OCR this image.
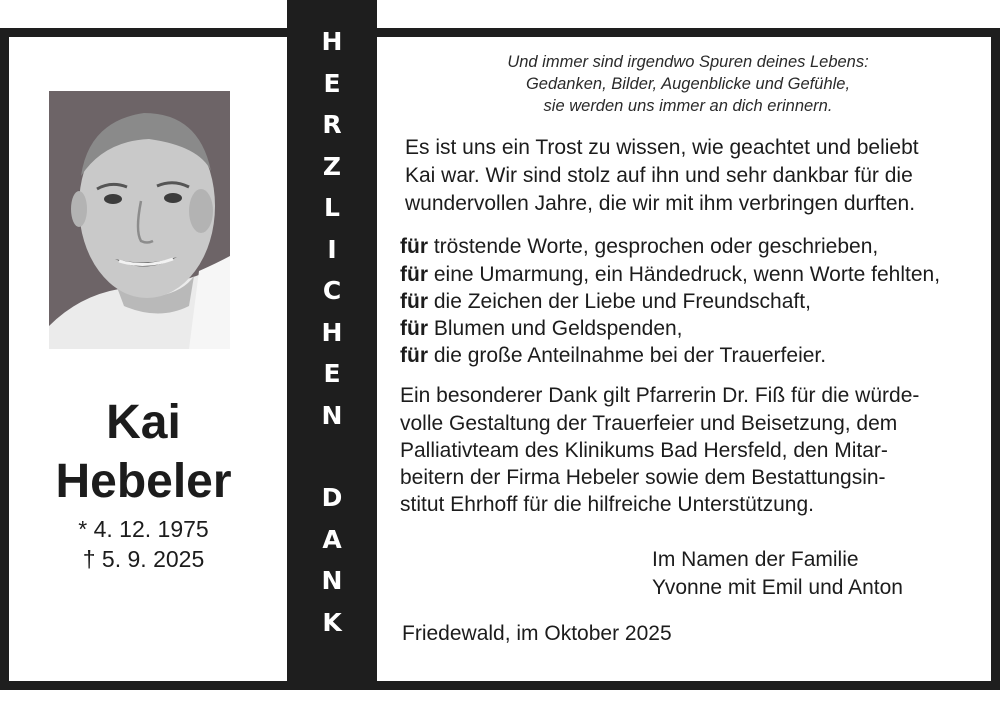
H
E
R
Z
L
I
C
H
E
N
D
A
N
K
Kai
Hebeler
* 4. 12. 1975
† 5. 9. 2025
Und immer sind irgendwo Spuren deines Lebens:
Gedanken, Bilder, Augenblicke und Gefühle,
sie werden uns immer an dich erinnern.
Es ist uns ein Trost zu wissen, wie geachtet und beliebt
Kai war. Wir sind stolz auf ihn und sehr dankbar für die
wundervollen Jahre, die wir mit ihm verbringen durften.
für tröstende Worte, gesprochen oder geschrieben,
für eine Umarmung, ein Händedruck, wenn Worte fehlten,
für die Zeichen der Liebe und Freundschaft,
für Blumen und Geldspenden,
für die große Anteilnahme bei der Trauerfeier.
Ein besonderer Dank gilt Pfarrerin Dr. Fiß für die würde-
volle Gestaltung der Trauerfeier und Beisetzung, dem
Palliativteam des Klinikums Bad Hersfeld, den Mitar-
beitern der Firma Hebeler sowie dem Bestattungsin-
stitut Ehrhoff für die hilfreiche Unterstützung.
Im Namen der Familie
Yvonne mit Emil und Anton
Friedewald, im Oktober 2025
